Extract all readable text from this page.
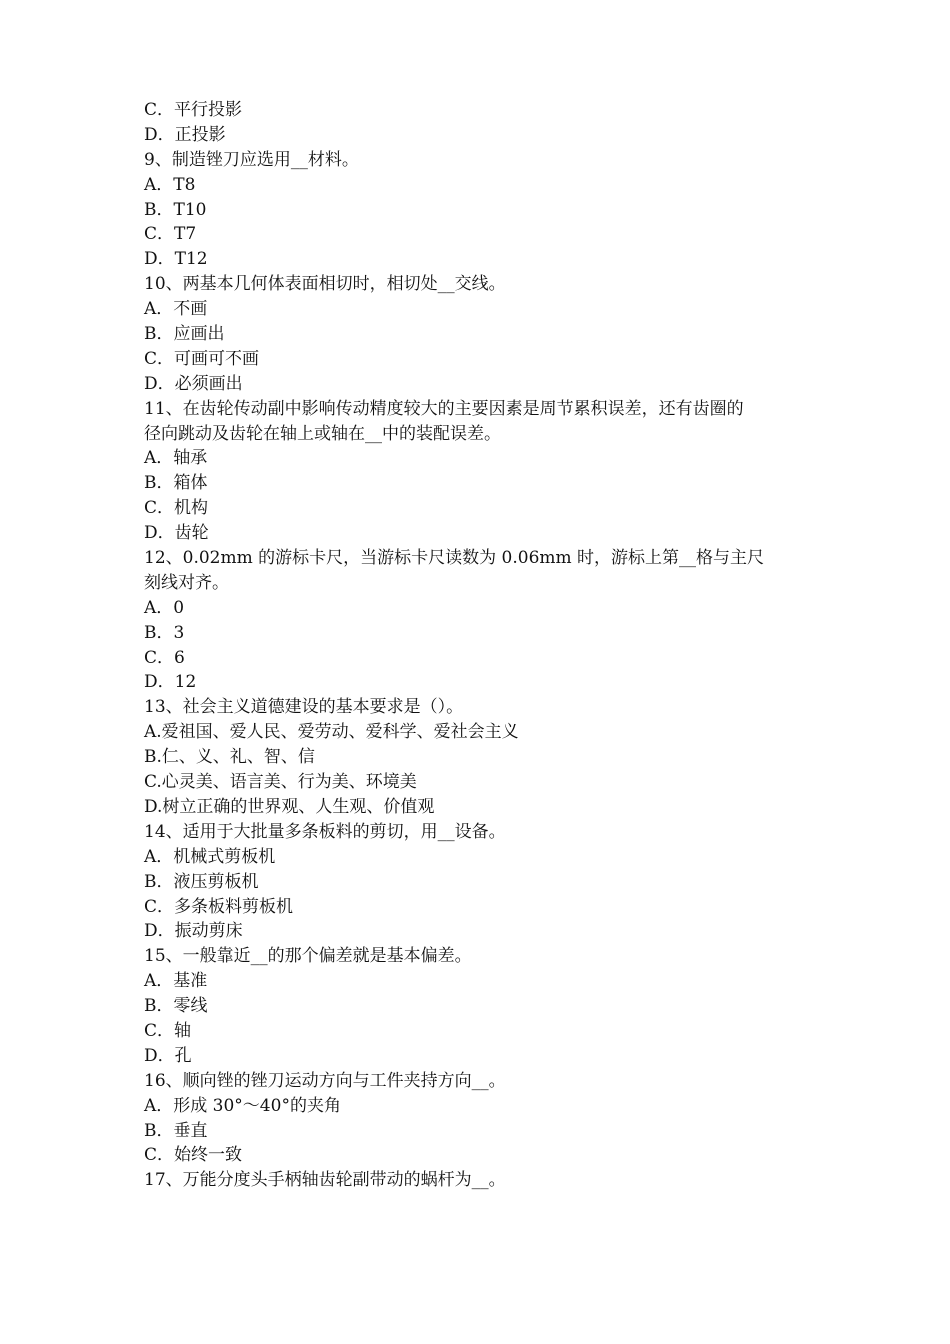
C．平行投影
D．正投影
9、制造锉刀应选用__材料。
A．T8
B．T10
C．T7
D．T12
10、两基本几何体表面相切时，相切处__交线。
A．不画
B．应画出
C．可画可不画
D．必须画出
11、在齿轮传动副中影响传动精度较大的主要因素是周节累积误差，还有齿圈的
径向跳动及齿轮在轴上或轴在__中的装配误差。
A．轴承
B．箱体
C．机构
D．齿轮
12、0.02mm 的游标卡尺，当游标卡尺读数为 0.06mm 时，游标上第__格与主尺
刻线对齐。
A．0
B．3
C．6
D．12
13、社会主义道德建设的基本要求是（）。
A.爱祖国、爱人民、爱劳动、爱科学、爱社会主义
B.仁、义、礼、智、信
C.心灵美、语言美、行为美、环境美
D.树立正确的世界观、人生观、价值观
14、适用于大批量多条板料的剪切，用__设备。
A．机械式剪板机
B．液压剪板机
C．多条板料剪板机
D．振动剪床
15、一般靠近__的那个偏差就是基本偏差。
A．基准
B．零线
C．轴
D．孔
16、顺向锉的锉刀运动方向与工件夹持方向__。
A．形成 30°～40°的夹角
B．垂直
C．始终一致
17、万能分度头手柄轴齿轮副带动的蜗杆为__。
